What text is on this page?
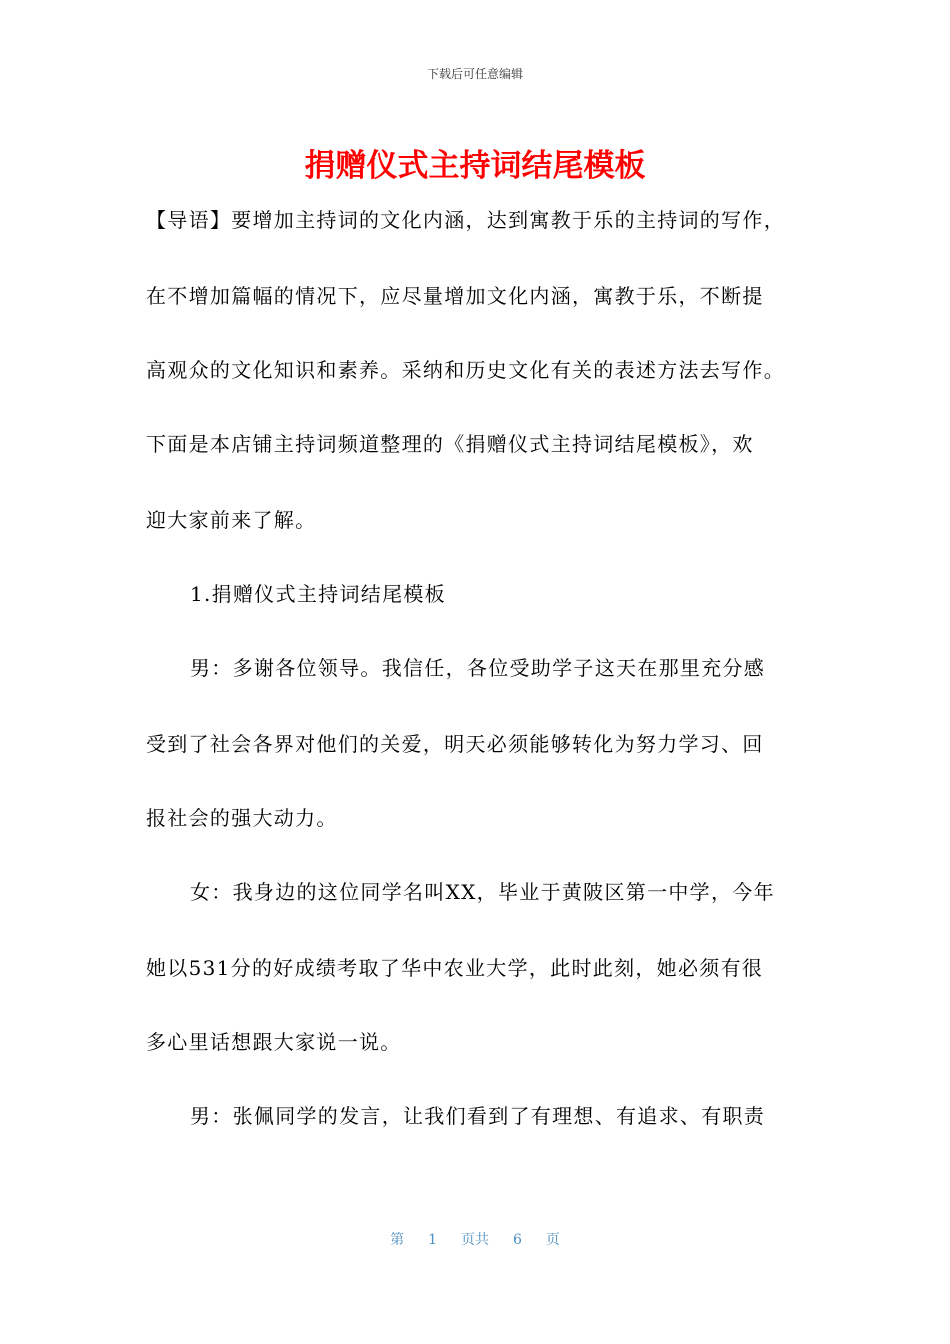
下载后可任意编辑
捐赠仪式主持词结尾模板
【导语】要增加主持词的文化内涵，达到寓教于乐的主持词的写作，
在不增加篇幅的情况下，应尽量增加文化内涵，寓教于乐，不断提
高观众的文化知识和素养。采纳和历史文化有关的表述方法去写作。
下面是本店铺主持词频道整理的《捐赠仪式主持词结尾模板》，欢
迎大家前来了解。
1.捐赠仪式主持词结尾模板
男：多谢各位领导。我信任，各位受助学子这天在那里充分感
受到了社会各界对他们的关爱，明天必须能够转化为努力学习、回
报社会的强大动力。
女：我身边的这位同学名叫XX，毕业于黄陂区第一中学，今年
她以531分的好成绩考取了华中农业大学，此时此刻，她必须有很
多心里话想跟大家说一说。
男：张佩同学的发言，让我们看到了有理想、有追求、有职责
第 1 页共 6 页
